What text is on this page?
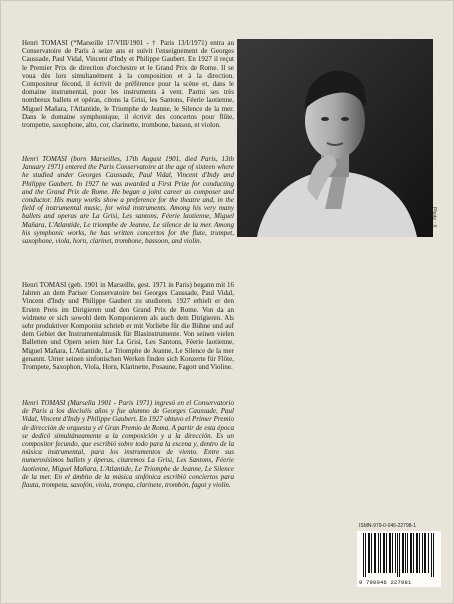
Henri TOMASI (*Marseille 17/VIII/1901 - † Paris 13/I/1971) entra au Conservatoire de Paris à seize ans et suivit l'enseignement de Georges Caussade, Paul Vidal, Vincent d'Indy et Philippe Gaubert. En 1927 il reçut le Premier Prix de direction d'orchestre et le Grand Prix de Rome. Il se voua dès lors simultanément à la composition et à la direction. Compositeur fécond, il écrivit de préférence pour la scène et, dans le domaine instrumental, pour les instruments à vent. Parmi ses très nombreux ballets et opéras, citons la Grisi, les Santons, Féerie laotienne, Miguel Mañara, l'Atlantide, le Triomphe de Jeanne, le Silence de la mer. Dans le domaine symphonique, il écrivit des concertos pour flûte, trompette, saxophone, alto, cor, clarinette, trombone, basson, et violon.

Henri TOMASI (born Marseilles, 17th August 1901, died Paris, 13th January 1971) entered the Paris Conservatoire at the age of sixteen where he studied under Georges Caussade, Paul Vidal, Vincent d'Indy and Philippe Gaubert. In 1927 he was awarded a First Prize for conducting and the Grand Prix de Rome. He began a joint career as composer and conductor. His many works show a preference for the theatre and, in the field of instrumental music, for wind instruments. Among his very many ballets and operas are La Grisi, Les santons, Féerie laotienne, Miguel Mañara, L'Atlantide, Le triomphe de Jeanne, Le silence de la mer. Among his symphonic works, he has written concertos for the flute, trumpet, saxophone, viola, horn, clarinet, trombone, bassoon, and violin.

Henri TOMASI (geb. 1901 in Marseille, gest. 1971 in Paris) begann mit 16 Jahren an dem Pariser Conservatoire bei Georges Caussade, Paul Vidal, Vincent d'Indy und Philippe Gaubert zu studieren. 1927 erhielt er den Ersten Preis im Dirigieren und den Grand Prix de Rome. Von da an widmete er sich sowohl dem Komponieren als auch dem Dirigieren. Als sehr produktiver Komponist schrieb er mit Vorliebe für die Bühne und auf dem Gebiet der Instrumentalmusik für Blasinstrumente. Von seinen vielen Balletten und Opern seien hier La Grisi, Les Santons, Féerie laotienne, Miguel Mañara, L'Atlantide, Le Triomphe de Jeanne, Le Silence de la mer genannt. Unter seinen sinfonischen Werken finden sich Konzerte für Flöte, Trompete, Saxophon, Viola, Horn, Klarinette, Posaune, Fagott und Violine.

Henri TOMASI (Marsella 1901 - Paris 1971) ingresó en el Conservatorio de Paris a los dieciséis años y fue alumno de Georges Caussade, Paul Vidal, Vincent d'Indy y Philippe Gaubert. En 1927 obtuvo el Primer Premio de dirección de orquesta y el Gran Premio de Roma. A partir de esta época se dedicó simultáneamente a la composición y a la dirección. Es un compositor fecundo, que escribió sobre todo para la escena y, dentro de la música instrumental, para los instrumentos de viento. Entre sus numerosísimos ballets y óperas, citaremos La Grisi, Les Santons, Féerie laotienne, Miguel Mañara, L'Atlantide, Le Triomphe de Jeanne, Le Silence de la mer. En el ámbito de la música sinfónica escribió conciertos para flauta, trompeta, saxofón, viola, trompa, clarinete, trombón, fagot y violín.

Photo : X
ISMN-979-0-046-22798-1
9 790046 227981
